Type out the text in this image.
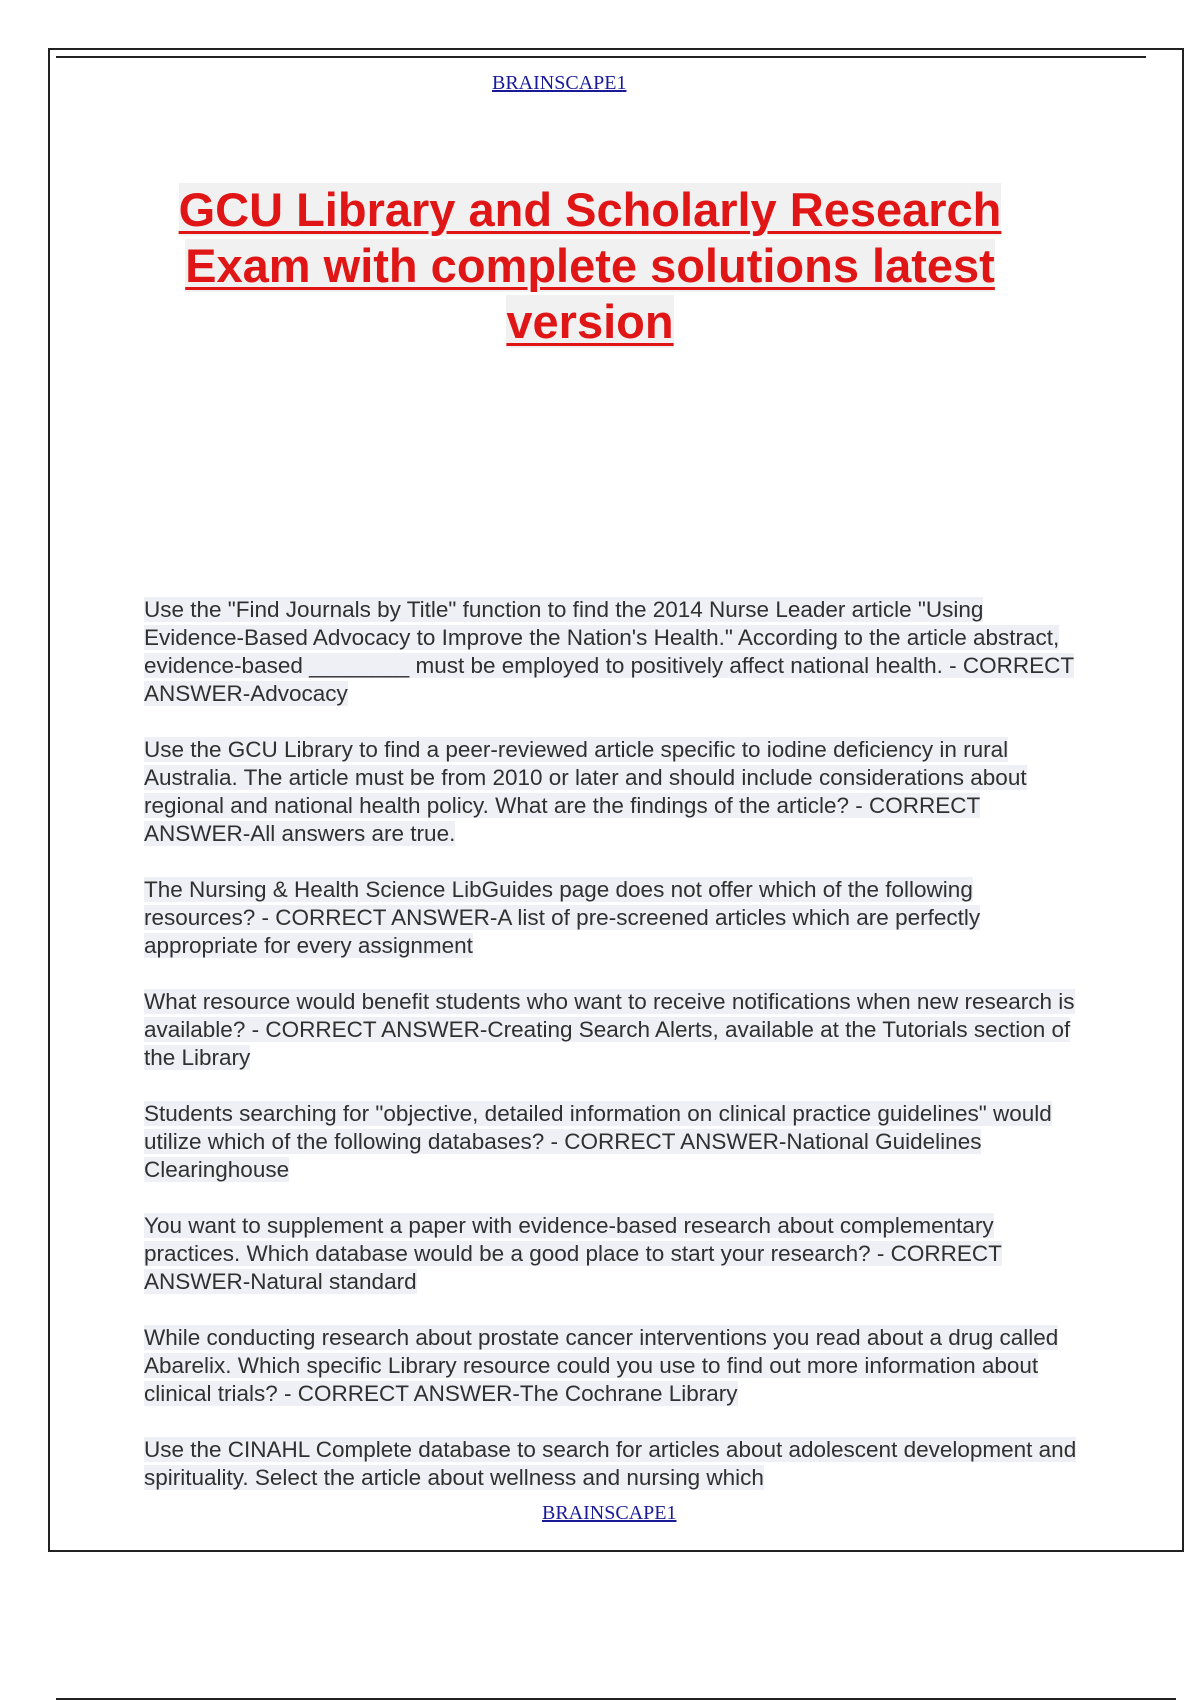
BRAINSCAPE1
GCU Library and Scholarly Research
Exam with complete solutions latest
version
Use the "Find Journals by Title" function to find the 2014 Nurse Leader article "Using Evidence-Based Advocacy to Improve the Nation's Health." According to the article abstract, evidence-based ________ must be employed to positively affect national health. - CORRECT ANSWER-Advocacy
Use the GCU Library to find a peer-reviewed article specific to iodine deficiency in rural Australia. The article must be from 2010 or later and should include considerations about regional and national health policy. What are the findings of the article? - CORRECT ANSWER-All answers are true.
The Nursing & Health Science LibGuides page does not offer which of the following resources? - CORRECT ANSWER-A list of pre-screened articles which are perfectly appropriate for every assignment
What resource would benefit students who want to receive notifications when new research is available? - CORRECT ANSWER-Creating Search Alerts, available at the Tutorials section of the Library
Students searching for "objective, detailed information on clinical practice guidelines" would utilize which of the following databases? - CORRECT ANSWER-National Guidelines Clearinghouse
You want to supplement a paper with evidence-based research about complementary practices. Which database would be a good place to start your research? - CORRECT ANSWER-Natural standard
While conducting research about prostate cancer interventions you read about a drug called Abarelix. Which specific Library resource could you use to find out more information about clinical trials? - CORRECT ANSWER-The Cochrane Library
Use the CINAHL Complete database to search for articles about adolescent development and spirituality. Select the article about wellness and nursing which
BRAINSCAPE1
